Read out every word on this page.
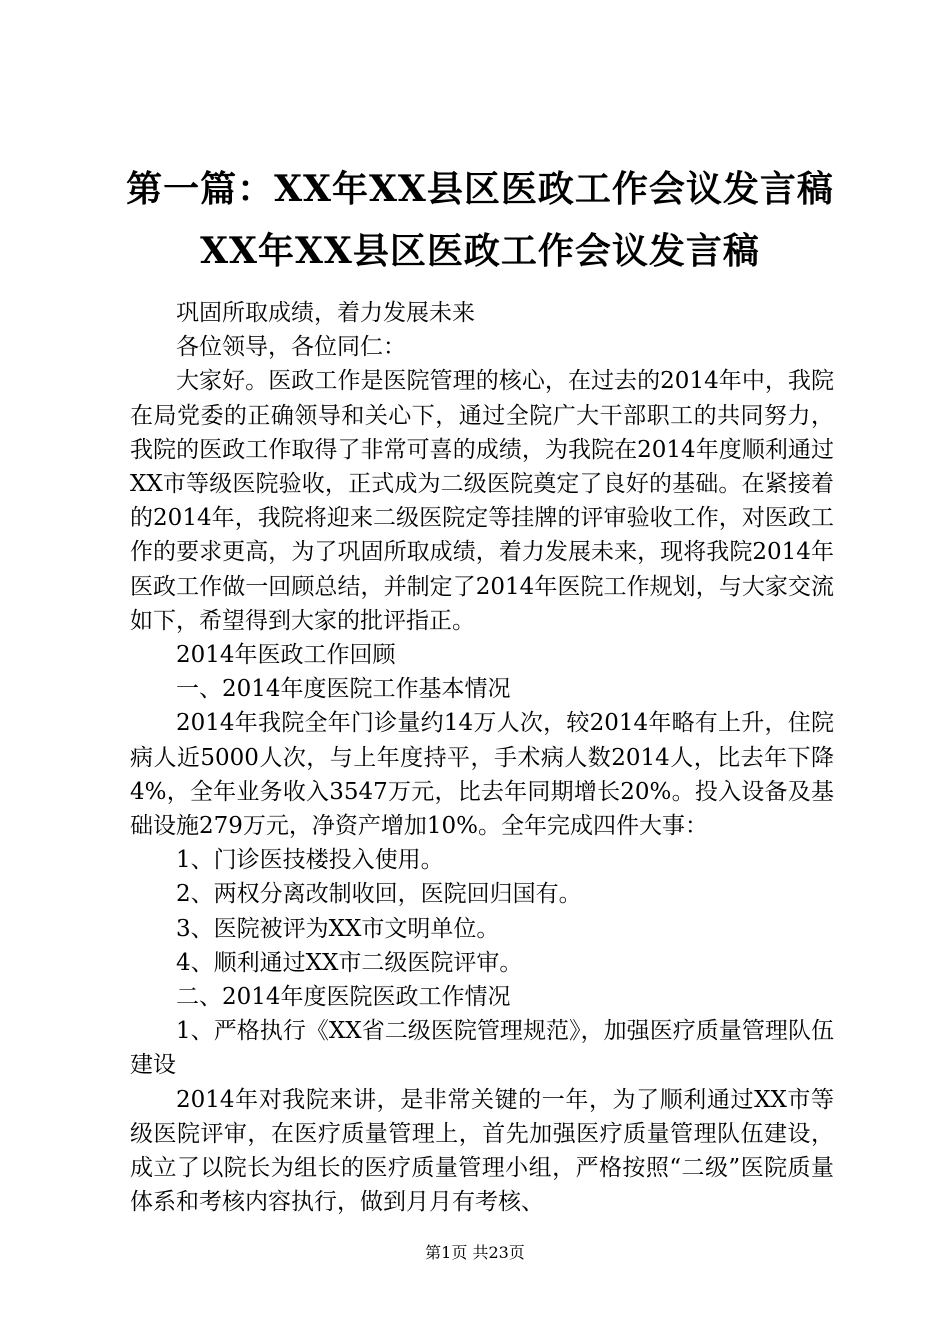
第一篇：XX年XX县区医政工作会议发言稿XX年XX县区医政工作会议发言稿

巩固所取成绩，着力发展未来

各位领导，各位同仁：

大家好。医政工作是医院管理的核心，在过去的2014年中，我院在局党委的正确领导和关心下，通过全院广大干部职工的共同努力，我院的医政工作取得了非常可喜的成绩，为我院在2014年度顺利通过XX市等级医院验收，正式成为二级医院奠定了良好的基础。在紧接着的2014年，我院将迎来二级医院定等挂牌的评审验收工作，对医政工作的要求更高，为了巩固所取成绩，着力发展未来，现将我院2014年医政工作做一回顾总结，并制定了2014年医院工作规划，与大家交流如下，希望得到大家的批评指正。

2014年医政工作回顾

一、2014年度医院工作基本情况

2014年我院全年门诊量约14万人次，较2014年略有上升，住院病人近5000人次，与上年度持平，手术病人数2014人，比去年下降4%，全年业务收入3547万元，比去年同期增长20%。投入设备及基础设施279万元，净资产增加10%。全年完成四件大事：

1、门诊医技楼投入使用。

2、两权分离改制收回，医院回归国有。

3、医院被评为XX市文明单位。

4、顺利通过XX市二级医院评审。

二、2014年度医院医政工作情况

1、严格执行《XX省二级医院管理规范》，加强医疗质量管理队伍建设

2014年对我院来讲，是非常关键的一年，为了顺利通过XX市等级医院评审，在医疗质量管理上，首先加强医疗质量管理队伍建设，成立了以院长为组长的医疗质量管理小组，严格按照“二级”医院质量体系和考核内容执行，做到月月有考核、

第1页 共23页
